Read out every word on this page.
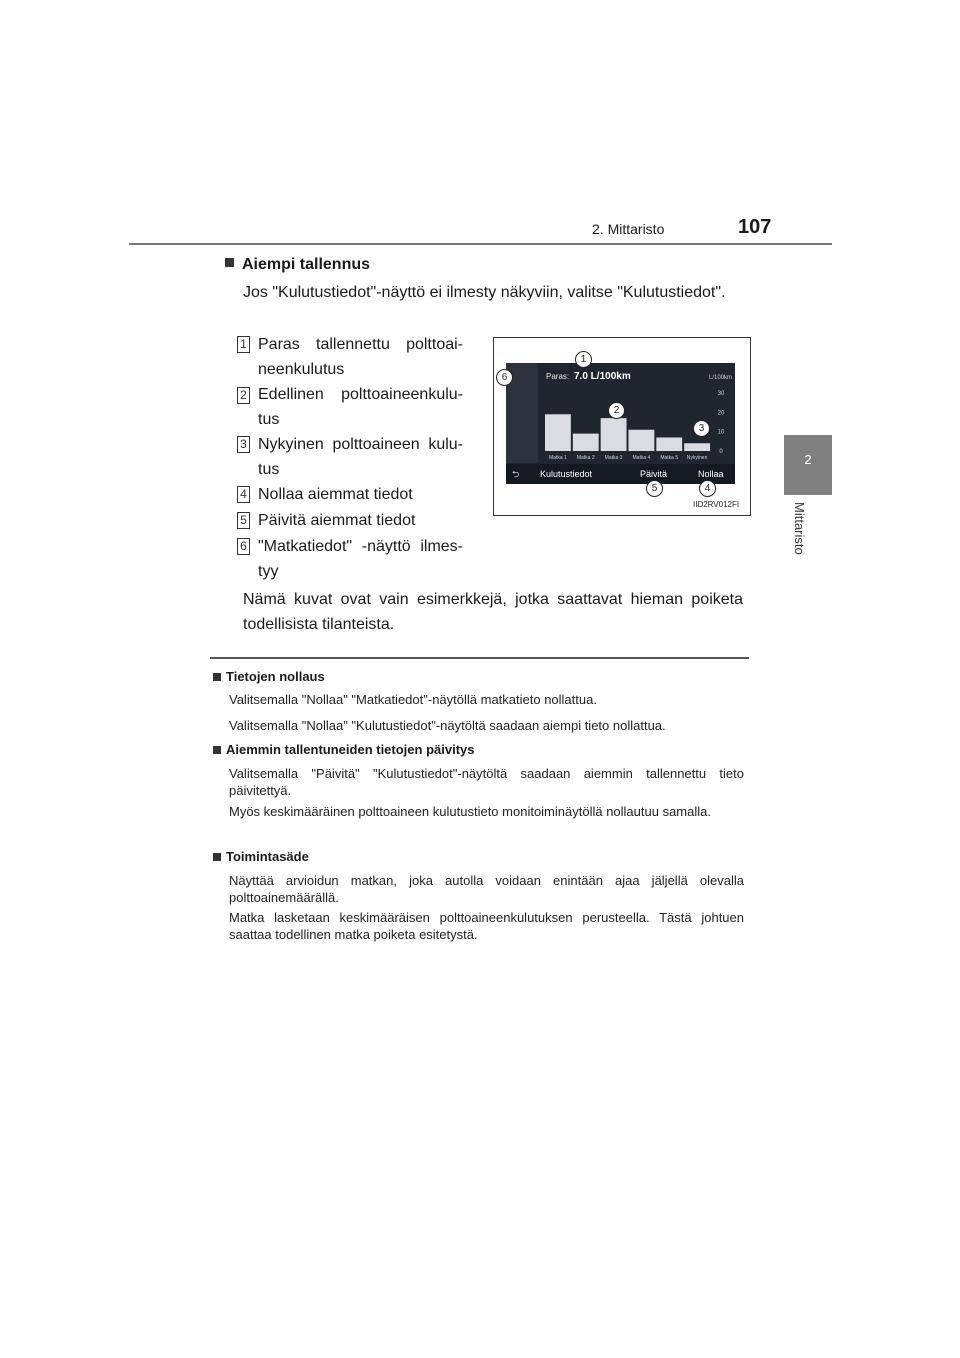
2. Mittaristo	107
2
Mittaristo
Aiempi tallennus
Jos "Kulutustiedot"-näyttö ei ilmesty näkyviin, valitse "Kulutustiedot".
1 Paras tallennettu polttoaineenkulutus
2 Edellinen polttoaineenkulutus
3 Nykyinen polttoaineen kulutus
4 Nollaa aiemmat tiedot
5 Päivitä aiemmat tiedot
6 "Matkatiedot" -näyttö ilmestyy
Paras: 7.0 L/100km	L/100km
0
10
20
30
Matka 1 Matka 2 Matka 3 Matka 4 Matka 5 Nykyinen
⮌ Kulutustiedot	Päivitä	Nollaa
1
2
3
4
5
6
IID2RV012FI
Nämä kuvat ovat vain esimerkkejä, jotka saattavat hieman poiketa todellisista tilanteista.
Tietojen nollaus
Valitsemalla "Nollaa" "Matkatiedot"-näytöllä matkatieto nollattua.
Valitsemalla "Nollaa" "Kulutustiedot"-näytöltä saadaan aiempi tieto nollattua.
Aiemmin tallentuneiden tietojen päivitys
Valitsemalla "Päivitä" "Kulutustiedot"-näytöltä saadaan aiemmin tallennettu tieto päivitettyä.
Myös keskimääräinen polttoaineen kulutustieto monitoiminäytöllä nollautuu samalla.
Toimintasäde
Näyttää arvioidun matkan, joka autolla voidaan enintään ajaa jäljellä olevalla polttoainemäärällä.
Matka lasketaan keskimääräisen polttoaineenkulutuksen perusteella. Tästä johtuen saattaa todellinen matka poiketa esitetystä.
